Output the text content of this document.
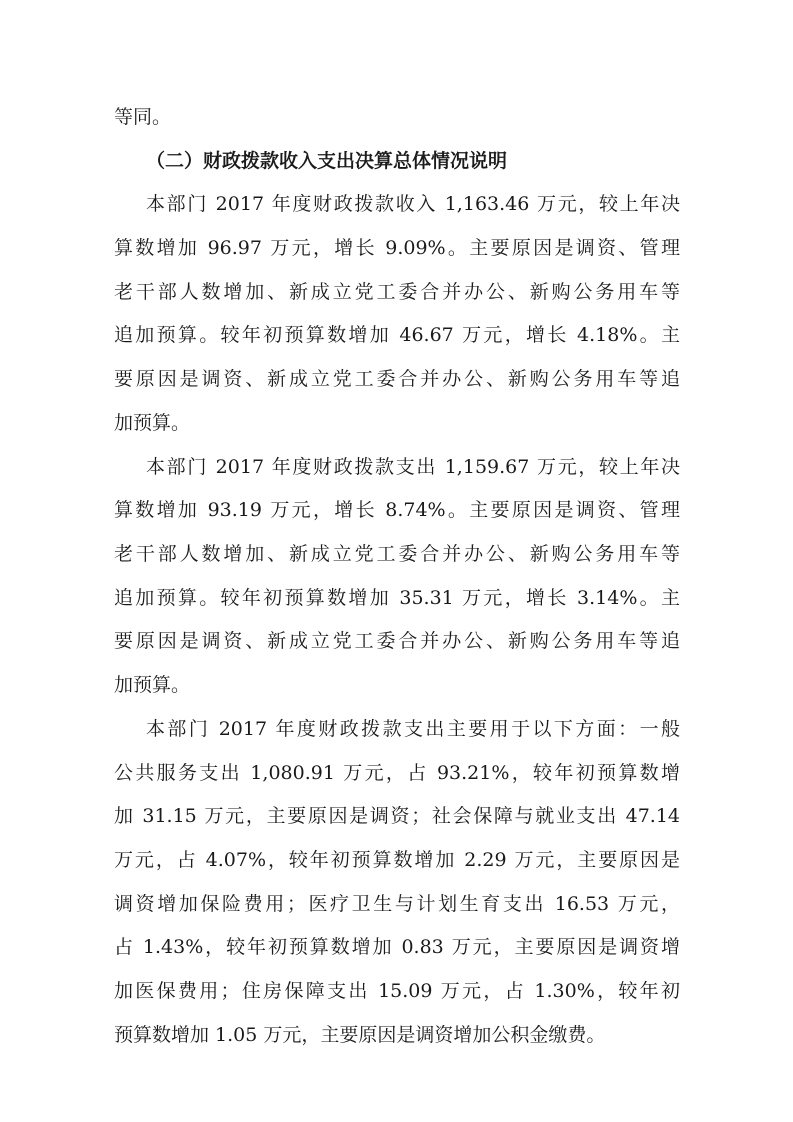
等同。
（二）财政拨款收入支出决算总体情况说明
本部门 2017 年度财政拨款收入 1,163.46 万元，较上年决
算数增加 96.97 万元，增长 9.09%。主要原因是调资、管理
老干部人数增加、新成立党工委合并办公、新购公务用车等
追加预算。较年初预算数增加 46.67 万元，增长 4.18%。主
要原因是调资、新成立党工委合并办公、新购公务用车等追
加预算。
本部门 2017 年度财政拨款支出 1,159.67 万元，较上年决
算数增加 93.19 万元，增长 8.74%。主要原因是调资、管理
老干部人数增加、新成立党工委合并办公、新购公务用车等
追加预算。较年初预算数增加 35.31 万元，增长 3.14%。主
要原因是调资、新成立党工委合并办公、新购公务用车等追
加预算。
本部门 2017 年度财政拨款支出主要用于以下方面：一般
公共服务支出 1,080.91 万元，占 93.21%，较年初预算数增
加 31.15 万元，主要原因是调资；社会保障与就业支出 47.14
万元，占 4.07%，较年初预算数增加 2.29 万元，主要原因是
调资增加保险费用；医疗卫生与计划生育支出 16.53 万元，
占 1.43%，较年初预算数增加 0.83 万元，主要原因是调资增
加医保费用；住房保障支出 15.09 万元，占 1.30%，较年初
预算数增加 1.05 万元，主要原因是调资增加公积金缴费。
